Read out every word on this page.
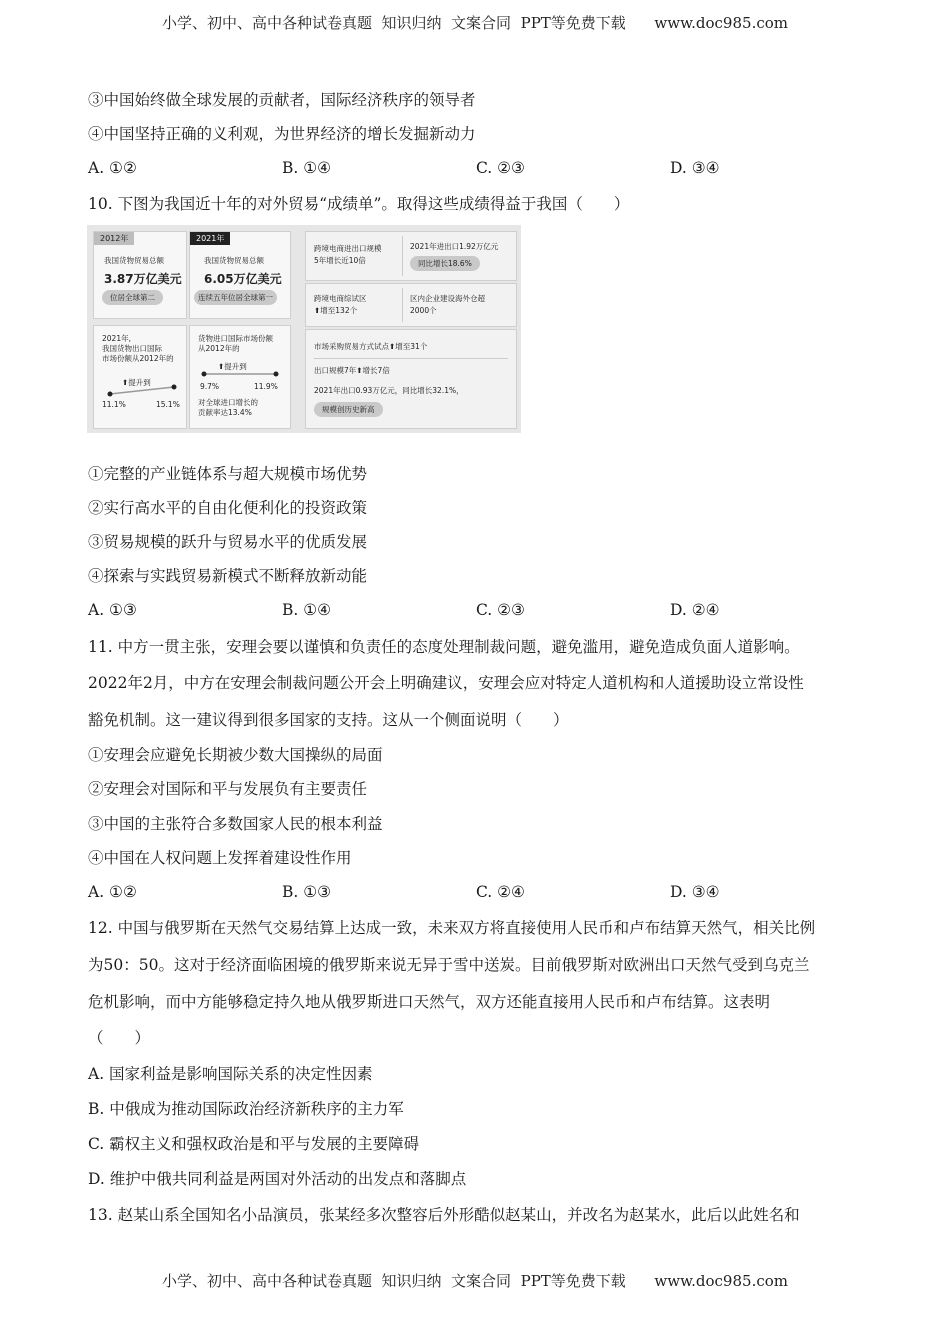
小学、初中、高中各种试卷真题  知识归纳  文案合同  PPT等免费下载      www.doc985.com
③中国始终做全球发展的贡献者，国际经济秩序的领导者
④中国坚持正确的义利观，为世界经济的增长发掘新动力
A. ①②	B. ①④	C. ②③	D. ③④
10. 下图为我国近十年的对外贸易“成绩单”。取得这些成绩得益于我国（　　）
2012年
我国货物贸易总额
3.87万亿美元
位居全球第二
2021年
我国货物贸易总额
6.05万亿美元
连续五年位居全球第一
2021年,
我国货物出口国际
市场份额从2012年的
⬆提升到
11.1%	15.1%
货物进口国际市场份额
从2012年的
⬆提升到
9.7%	11.9%
对全球进口增长的
贡献率达13.4%
跨境电商进出口规模
5年增长近10倍
2021年进出口1.92万亿元
同比增长18.6%
跨境电商综试区
⬆增至132个
区内企业建设海外仓超
2000个
市场采购贸易方式试点⬆增至31个
出口规模7年⬆增长7倍
2021年出口0.93万亿元，同比增长32.1%，
规模创历史新高
①完整的产业链体系与超大规模市场优势
②实行高水平的自由化便利化的投资政策
③贸易规模的跃升与贸易水平的优质发展
④探索与实践贸易新模式不断释放新动能
A. ①③	B. ①④	C. ②③	D. ②④
11. 中方一贯主张，安理会要以谨慎和负责任的态度处理制裁问题，避免滥用，避免造成负面人道影响。
2022年2月，中方在安理会制裁问题公开会上明确建议，安理会应对特定人道机构和人道援助设立常设性
豁免机制。这一建议得到很多国家的支持。这从一个侧面说明（　　）
①安理会应避免长期被少数大国操纵的局面
②安理会对国际和平与发展负有主要责任
③中国的主张符合多数国家人民的根本利益
④中国在人权问题上发挥着建设性作用
A. ①②	B. ①③	C. ②④	D. ③④
12. 中国与俄罗斯在天然气交易结算上达成一致，未来双方将直接使用人民币和卢布结算天然气，相关比例
为50：50。这对于经济面临困境的俄罗斯来说无异于雪中送炭。目前俄罗斯对欧洲出口天然气受到乌克兰
危机影响，而中方能够稳定持久地从俄罗斯进口天然气，双方还能直接用人民币和卢布结算。这表明
（　　）
A. 国家利益是影响国际关系的决定性因素
B. 中俄成为推动国际政治经济新秩序的主力军
C. 霸权主义和强权政治是和平与发展的主要障碍
D. 维护中俄共同利益是两国对外活动的出发点和落脚点
13. 赵某山系全国知名小品演员，张某经多次整容后外形酷似赵某山，并改名为赵某水，此后以此姓名和
小学、初中、高中各种试卷真题  知识归纳  文案合同  PPT等免费下载      www.doc985.com
